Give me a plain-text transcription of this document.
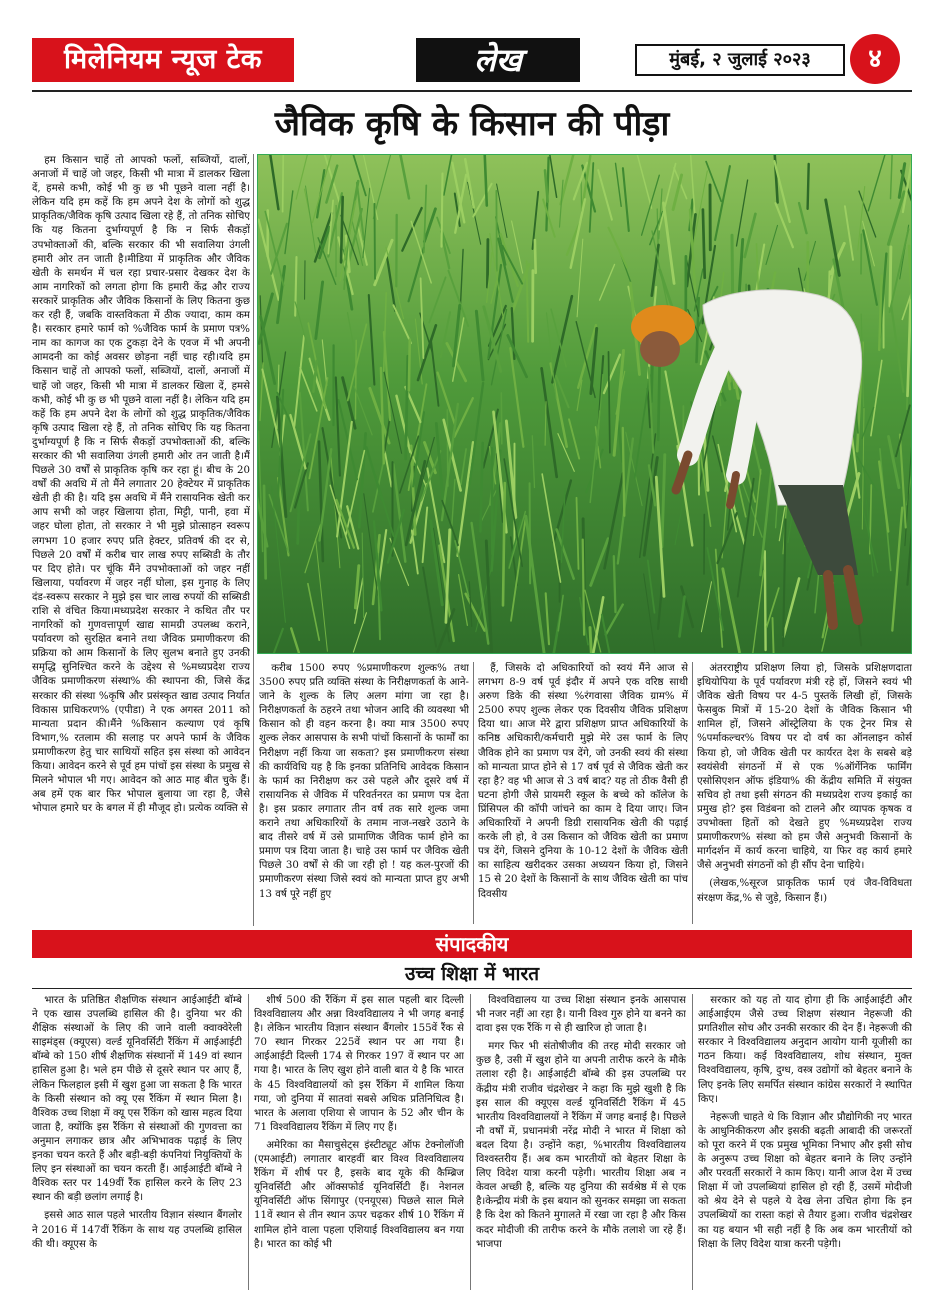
मिलेनियम न्यूज टेक	लेख	मुंबई, २ जुलाई २०२३	४
जैविक कृषि के किसान की पीड़ा

हम किसान चाहें तो आपको फलों, सब्जियों, दालों, अनाजों में चाहें जो जहर, किसी भी मात्रा में डालकर खिला दें, हमसे कभी, कोई भी कु छ भी पूछने वाला नहीं है। लेकिन यदि हम कहें कि हम अपने देश के लोगों को शुद्ध प्राकृतिक/जैविक कृषि उत्पाद खिला रहे हैं, तो तनिक सोचिए कि यह कितना दुर्भाग्यपूर्ण है कि न सिर्फ सैकड़ों उपभोक्ताओं की, बल्कि सरकार की भी सवालिया उंगली हमारी ओर तन जाती है।मीडिया में प्राकृतिक और जैविक खेती के समर्थन में चल रहा प्रचार-प्रसार देखकर देश के आम नागरिकों को लगता होगा कि हमारी केंद्र और राज्य सरकारें प्राकृतिक और जैविक किसानों के लिए कितना कुछ कर रही हैं, जबकि वास्तविकता में ठीक ज्यादा, काम कम है। सरकार हमारे फार्म को %जैविक फार्म के प्रमाण पत्र% नाम का कागज का एक टुकड़ा देने के एवज में भी अपनी आमदनी का कोई अवसर छोड़ना नहीं चाह रही।यदि हम किसान चाहें तो आपको फलों, सब्जियों, दालों, अनाजों में चाहें जो जहर, किसी भी मात्रा में डालकर खिला दें, हमसे कभी, कोई भी कु छ भी पूछने वाला नहीं है। लेकिन यदि हम कहें कि हम अपने देश के लोगों को शुद्ध प्राकृतिक/जैविक कृषि उत्पाद खिला रहे हैं, तो तनिक सोचिए कि यह कितना दुर्भाग्यपूर्ण है कि न सिर्फ सैकड़ों उपभोक्ताओं की, बल्कि सरकार की भी सवालिया उंगली हमारी ओर तन जाती है।मैं पिछले 30 वर्षों से प्राकृतिक कृषि कर रहा हूं। बीच के 20 वर्षों की अवधि में तो मैंने लगातार 20 हेक्टेयर में प्राकृतिक खेती ही की है। यदि इस अवधि में मैंने रासायनिक खेती कर आप सभी को जहर खिलाया होता, मिट्टी, पानी, हवा में जहर घोला होता, तो सरकार ने भी मुझे प्रोत्साहन स्वरूप लगभग 10 हजार रुपए प्रति हेक्टर, प्रतिवर्ष की दर से, पिछले 20 वर्षों में करीब चार लाख रुपए सब्सिडी के तौर पर दिए होते। पर चूंकि मैंने उपभोक्ताओं को जहर नहीं खिलाया, पर्यावरण में जहर नहीं घोला, इस गुनाह के लिए दंड-स्वरूप सरकार ने मुझे इस चार लाख रुपयों की सब्सिडी राशि से वंचित किया।मध्यप्रदेश सरकार ने कथित तौर पर नागरिकों को गुणवत्तापूर्ण खाद्य सामग्री उपलब्ध कराने, पर्यावरण को सुरक्षित बनाने तथा जैविक प्रमाणीकरण की प्रक्रिया को आम किसानों के लिए सुलभ बनाते हुए उनकी समृद्धि सुनिश्चित करने के उद्देश्य से %मध्यप्रदेश राज्य जैविक प्रमाणीकरण संस्था% की स्थापना की, जिसे केंद्र सरकार की संस्था %कृषि और प्रसंस्कृत खाद्य उत्पाद निर्यात विकास प्राधिकरण% (एपीडा) ने एक अगस्त 2011 को मान्यता प्रदान की।मैंने %किसान कल्याण एवं कृषि विभाग,% रतलाम की सलाह पर अपने फार्म के जैविक प्रमाणीकरण हेतु चार साथियों सहित इस संस्था को आवेदन किया। आवेदन करने से पूर्व हम पांचों इस संस्था के प्रमुख से मिलने भोपाल भी गए। आवेदन को आठ माह बीत चुके हैं। अब हमें एक बार फिर भोपाल बुलाया जा रहा है, जैसे भोपाल हमारे घर के बगल में ही मौजूद हो। प्रत्येक व्यक्ति से

करीब 1500 रुपए %प्रमाणीकरण शुल्क% तथा 3500 रुपए प्रति व्यक्ति संस्था के निरीक्षणकर्ता के आने-जाने के शुल्क के लिए अलग मांगा जा रहा है। निरीक्षणकर्ता के ठहरने तथा भोजन आदि की व्यवस्था भी किसान को ही वहन करना है। क्या मात्र 3500 रुपए शुल्क लेकर आसपास के सभी पांचों किसानों के फार्मों का निरीक्षण नहीं किया जा सकता? इस प्रमाणीकरण संस्था की कार्यविधि यह है कि इनका प्रतिनिधि आवेदक किसान के फार्म का निरीक्षण कर उसे पहले और दूसरे वर्ष में रासायनिक से जैविक में परिवर्तनरत का प्रमाण पत्र देता है। इस प्रकार लगातार तीन वर्ष तक सारे शुल्क जमा कराने तथा अधिकारियों के तमाम नाज-नखरे उठाने के बाद तीसरे वर्ष में उसे प्रामाणिक जैविक फार्म होने का प्रमाण पत्र दिया जाता है। चाहे उस फार्म पर जैविक खेती पिछले 30 वर्षों से की जा रही हो ! यह कल-पुरजों की प्रमाणीकरण संस्था जिसे स्वयं को मान्यता प्राप्त हुए अभी 13 वर्ष पूरे नहीं हुए

हैं, जिसके दो अधिकारियों को स्वयं मैंने आज से लगभग 8-9 वर्ष पूर्व इंदौर में अपने एक वरिष्ठ साथी अरुण डिके की संस्था %रंगवासा जैविक ग्राम% में 2500 रुपए शुल्क लेकर एक दिवसीय जैविक प्रशिक्षण दिया था। आज मेरे द्वारा प्रशिक्षण प्राप्त अधिकारियों के कनिष्ठ अधिकारी/कर्मचारी मुझे मेरे उस फार्म के लिए जैविक होने का प्रमाण पत्र देंगे, जो उनकी स्वयं की संस्था को मान्यता प्राप्त होने से 17 वर्ष पूर्व से जैविक खेती कर रहा है? वह भी आज से 3 वर्ष बाद? यह तो ठीक वैसी ही घटना होगी जैसे प्रायमरी स्कूल के बच्चे को कॉलेज के प्रिंसिपल की कॉपी जांचने का काम दे दिया जाए। जिन अधिकारियों ने अपनी डिग्री रासायनिक खेती की पढ़ाई करके ली हो, वे उस किसान को जैविक खेती का प्रमाण पत्र देंगे, जिसने दुनिया के 10-12 देशों के जैविक खेती का साहित्य खरीदकर उसका अध्ययन किया हो, जिसने 15 से 20 देशों के किसानों के साथ जैविक खेती का पांच दिवसीय

अंतरराष्ट्रीय प्रशिक्षण लिया हो, जिसके प्रशिक्षणदाता इथियोपिया के पूर्व पर्यावरण मंत्री रहे हों, जिसने स्वयं भी जैविक खेती विषय पर 4-5 पुस्तकें लिखी हों, जिसके फेसबुक मित्रों में 15-20 देशों के जैविक किसान भी शामिल हों, जिसने ऑस्ट्रेलिया के एक ट्रेनर मित्र से %पर्माकल्चर% विषय पर दो वर्ष का ऑनलाइन कोर्स किया हो, जो जैविक खेती पर कार्यरत देश के सबसे बड़े स्वयंसेवी संगठनों में से एक %ऑर्गेनिक फार्मिंग एसोसिएशन ऑफ इंडिया% की केंद्रीय समिति में संयुक्त सचिव हो तथा इसी संगठन की मध्यप्रदेश राज्य इकाई का प्रमुख हो? इस विडंबना को टालने और व्यापक कृषक व उपभोक्ता हितों को देखते हुए %मध्यप्रदेश राज्य प्रमाणीकरण% संस्था को हम जैसे अनुभवी किसानों के मार्गदर्शन में कार्य करना चाहिये, या फिर वह कार्य हमारे जैसे अनुभवी संगठनों को ही सौंप देना चाहिये।

(लेखक,%सूरज प्राकृतिक फार्म एवं जैव-विविधता संरक्षण केंद्र,% से जुड़े, किसान हैं।)

संपादकीय
उच्च शिक्षा में भारत

भारत के प्रतिष्ठित शैक्षणिक संस्थान आईआईटी बॉम्बे ने एक खास उपलब्धि हासिल की है। दुनिया भर की शैक्षिक संस्थाओं के लिए की जाने वाली क्वाक्वेरेली साइमंड्स (क्यूएस) वर्ल्ड यूनिवर्सिटी रैंकिंग में आईआईटी बॉम्बे को 150 शीर्ष शैक्षणिक संस्थानों में 149 वां स्थान हासिल हुआ है। भले हम पीछे से दूसरे स्थान पर आए हैं, लेकिन फिलहाल इसी में खुश हुआ जा सकता है कि भारत के किसी संस्थान को क्यू एस रैंकिंग में स्थान मिला है। वैश्विक उच्च शिक्षा में क्यू एस रैंकिंग को खास महत्व दिया जाता है, क्योंकि इस रैंकिंग से संस्थाओं की गुणवत्ता का अनुमान लगाकर छात्र और अभिभावक पढ़ाई के लिए इनका चयन करते हैं और बड़ी-बड़ी कंपनियां नियुक्तियों के लिए इन संस्थाओं का चयन करती हैं। आईआईटी बॉम्बे ने वैश्विक स्तर पर 149वीं रैंक हासिल करने के लिए 23 स्थान की बड़ी छलांग लगाई है।

इससे आठ साल पहले भारतीय विज्ञान संस्थान बैंगलोर ने 2016 में 147वीं रैंकिंग के साथ यह उपलब्धि हासिल की थी। क्यूएस के

शीर्ष 500 की रैंकिंग में इस साल पहली बार दिल्ली विश्वविद्यालय और अन्ना विश्वविद्यालय ने भी जगह बनाई है। लेकिन भारतीय विज्ञान संस्थान बैंगलोर 155वें रैंक से 70 स्थान गिरकर 225वें स्थान पर आ गया है। आईआईटी दिल्ली 174 से गिरकर 197 वें स्थान पर आ गया है। भारत के लिए खुश होने वाली बात ये है कि भारत के 45 विश्वविद्यालयों को इस रैंकिंग में शामिल किया गया, जो दुनिया में सातवां सबसे अधिक प्रतिनिधित्व है। भारत के अलावा एशिया से जापान के 52 और चीन के 71 विश्वविद्यालय रैंकिंग में लिए गए हैं।

अमेरिका का मैसाचुसेट्स इंस्टीट्यूट ऑफ टेक्नोलॉजी (एमआईटी) लगातार बारहवीं बार विश्व विश्वविद्यालय रैंकिंग में शीर्ष पर है, इसके बाद यूके की कैम्ब्रिज यूनिवर्सिटी और ऑक्सफोर्ड यूनिवर्सिटी हैं। नेशनल यूनिवर्सिटी ऑफ सिंगापुर (एनयूएस) पिछले साल मिले 11वें स्थान से तीन स्थान ऊपर चढ़कर शीर्ष 10 रैंकिंग में शामिल होने वाला पहला एशियाई विश्वविद्यालय बन गया है। भारत का कोई भी

विश्वविद्यालय या उच्च शिक्षा संस्थान इनके आसपास भी नजर नहीं आ रहा है। यानी विश्व गुरु होने या बनने का दावा इस एक रैंकिं ग से ही खारिज हो जाता है।

मगर फिर भी संतोषीजीव की तरह मोदी सरकार जो कुछ है, उसी में खुश होने या अपनी तारीफ करने के मौके तलाश रही है। आईआईटी बॉम्बे की इस उपलब्धि पर केंद्रीय मंत्री राजीव चंद्रशेखर ने कहा कि मुझे खुशी है कि इस साल की क्यूएस वर्ल्ड यूनिवर्सिटी रैंकिंग में 45 भारतीय विश्वविद्यालयों ने रैंकिंग में जगह बनाई है। पिछले नौ वर्षों में, प्रधानमंत्री नरेंद्र मोदी ने भारत में शिक्षा को बदल दिया है। उन्होंने कहा, %भारतीय विश्वविद्यालय विश्वस्तरीय हैं। अब कम भारतीयों को बेहतर शिक्षा के लिए विदेश यात्रा करनी पड़ेगी। भारतीय शिक्षा अब न केवल अच्छी है, बल्कि यह दुनिया की सर्वश्रेष्ठ में से एक है।केन्द्रीय मंत्री के इस बयान को सुनकर समझा जा सकता है कि देश को कितने मुगालते में रखा जा रहा है और किस कदर मोदीजी की तारीफ करने के मौके तलाशे जा रहे हैं। भाजपा

सरकार को यह तो याद होगा ही कि आईआईटी और आईआईएम जैसे उच्च शिक्षण संस्थान नेहरूजी की प्रगतिशील सोच और उनकी सरकार की देन हैं। नेहरूजी की सरकार ने विश्वविद्यालय अनुदान आयोग यानी यूजीसी का गठन किया। कई विश्वविद्यालय, शोध संस्थान, मुक्त विश्वविद्यालय, कृषि, दुग्ध, वस्त्र उद्योगों को बेहतर बनाने के लिए इनके लिए समर्पित संस्थान कांग्रेस सरकारों ने स्थापित किए।

नेहरूजी चाहते थे कि विज्ञान और प्रौद्योगिकी नए भारत के आधुनिकीकरण और इसकी बढ़ती आबादी की जरूरतों को पूरा करने में एक प्रमुख भूमिका निभाए और इसी सोच के अनुरूप उच्च शिक्षा को बेहतर बनाने के लिए उन्होंने और परवर्ती सरकारों ने काम किए। यानी आज देश में उच्च शिक्षा में जो उपलब्धियां हासिल हो रही हैं, उसमें मोदीजी को श्रेय देने से पहले ये देख लेना उचित होगा कि इन उपलब्धियों का रास्ता कहां से तैयार हुआ। राजीव चंद्रशेखर का यह बयान भी सही नहीं है कि अब कम भारतीयों को शिक्षा के लिए विदेश यात्रा करनी पड़ेगी।
